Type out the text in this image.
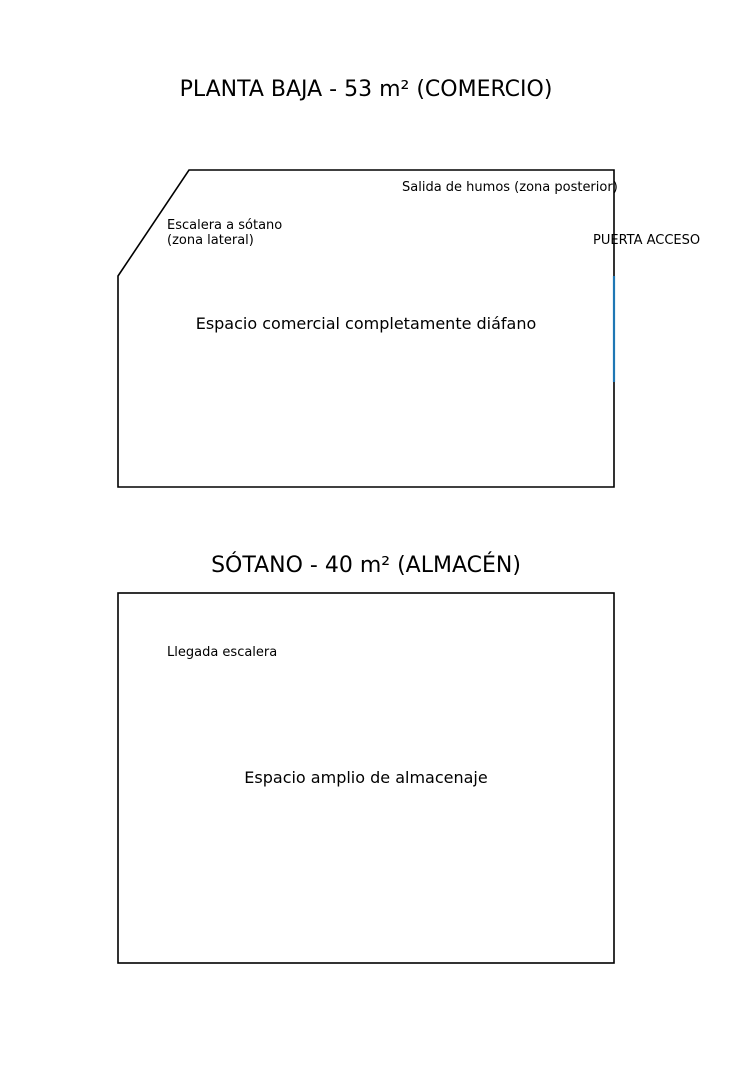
PLANTA BAJA - 53 m² (COMERCIO)
Salida de humos (zona posterior)
Escalera a sótano
(zona lateral)	PUERTA ACCESO
Espacio comercial completamente diáfano
SÓTANO - 40 m² (ALMACÉN)
Llegada escalera
Espacio amplio de almacenaje
